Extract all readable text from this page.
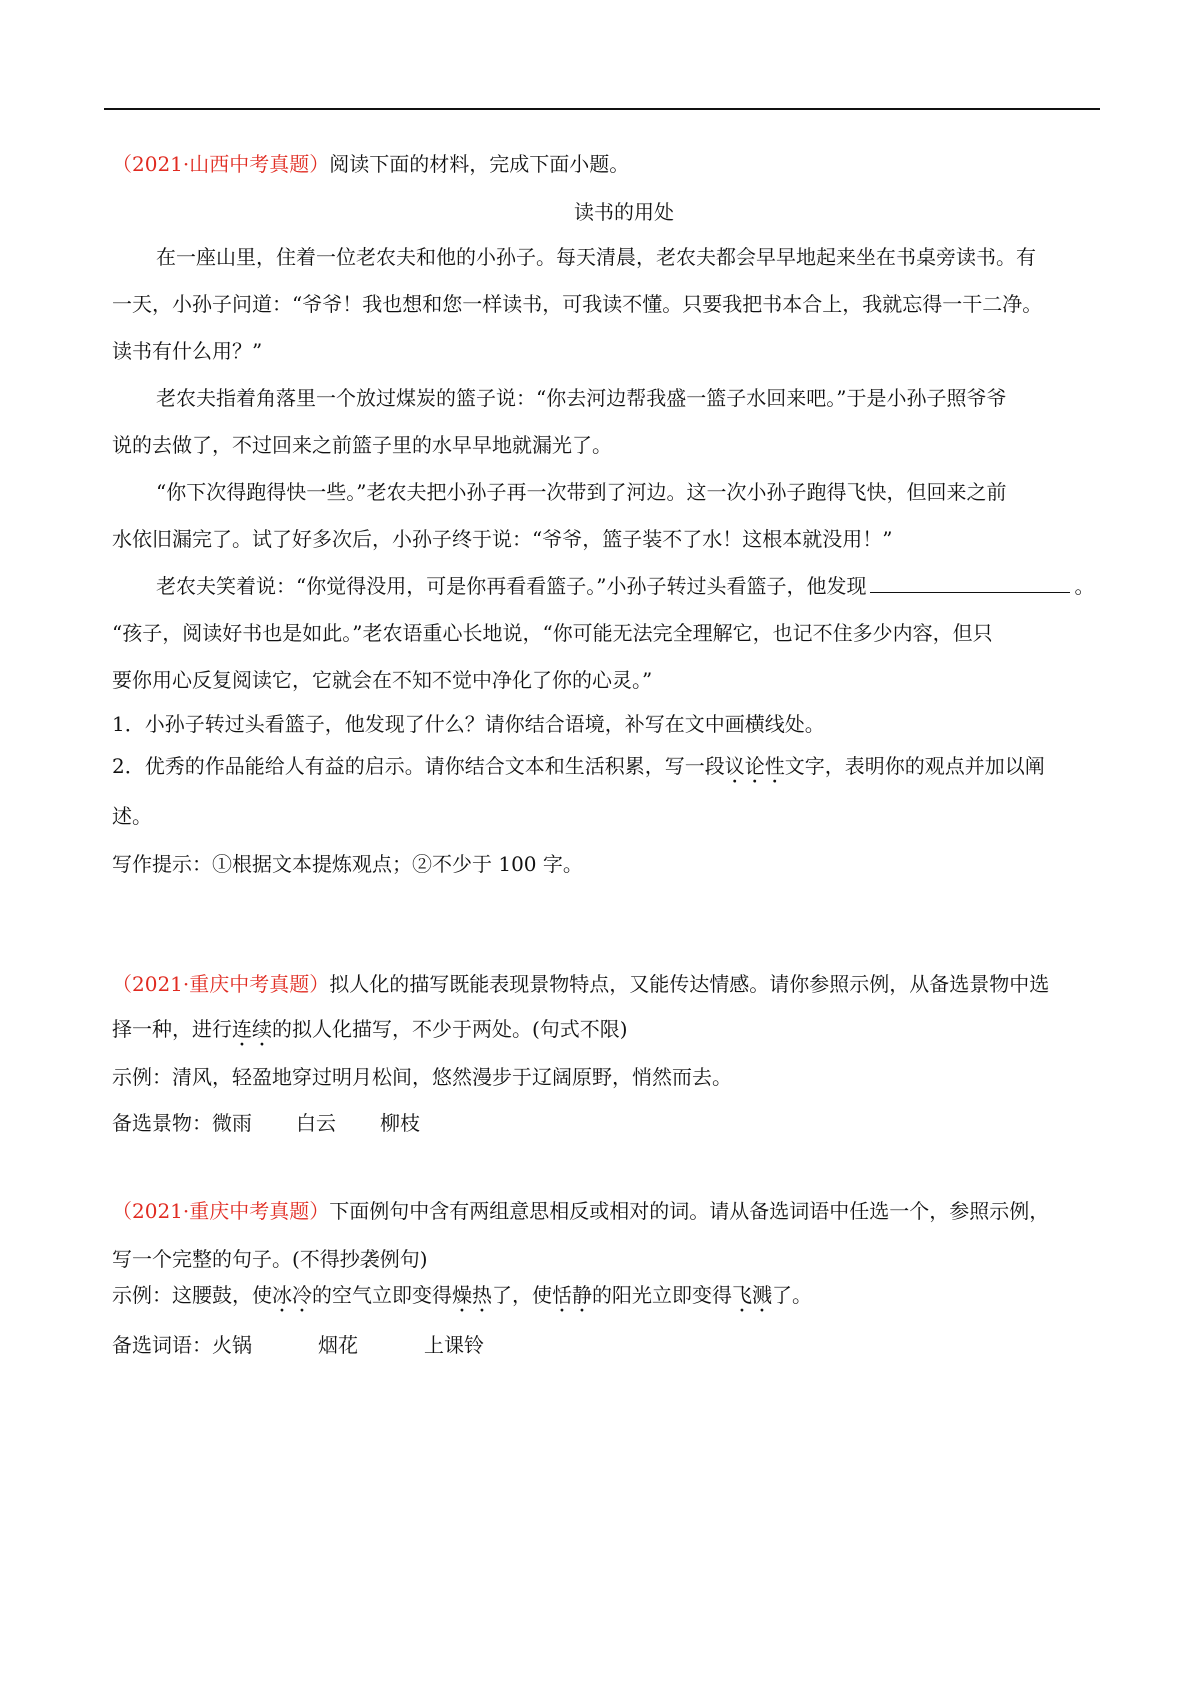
（2021·山西中考真题）阅读下面的材料，完成下面小题。
读书的用处
在一座山里，住着一位老农夫和他的小孙子。每天清晨，老农夫都会早早地起来坐在书桌旁读书。有
一天，小孙子问道：“爷爷！我也想和您一样读书，可我读不懂。只要我把书本合上，我就忘得一干二净。
读书有什么用？”
老农夫指着角落里一个放过煤炭的篮子说：“你去河边帮我盛一篮子水回来吧。”于是小孙子照爷爷
说的去做了，不过回来之前篮子里的水早早地就漏光了。
“你下次得跑得快一些。”老农夫把小孙子再一次带到了河边。这一次小孙子跑得飞快，但回来之前
水依旧漏完了。试了好多次后，小孙子终于说：“爷爷，篮子装不了水！这根本就没用！”
老农夫笑着说：“你觉得没用，可是你再看看篮子。”小孙子转过头看篮子，他发现	。
“孩子，阅读好书也是如此。”老农语重心长地说，“你可能无法完全理解它，也记不住多少内容，但只
要你用心反复阅读它，它就会在不知不觉中净化了你的心灵。”
1．小孙子转过头看篮子，他发现了什么？请你结合语境，补写在文中画横线处。
2．优秀的作品能给人有益的启示。请你结合文本和生活积累，写一段议论性文字，表明你的观点并加以阐
述。
写作提示：①根据文本提炼观点；②不少于 100 字。
（2021·重庆中考真题）拟人化的描写既能表现景物特点，又能传达情感。请你参照示例，从备选景物中选
择一种，进行连续的拟人化描写，不少于两处。(句式不限)
示例：清风，轻盈地穿过明月松间，悠然漫步于辽阔原野，悄然而去。
备选景物：微雨 白云 柳枝
（2021·重庆中考真题）下面例句中含有两组意思相反或相对的词。请从备选词语中任选一个，参照示例，
写一个完整的句子。(不得抄袭例句)
示例：这腰鼓，使冰冷的空气立即变得燥热了，使恬静的阳光立即变得飞溅了。
备选词语：火锅	烟花	上课铃
